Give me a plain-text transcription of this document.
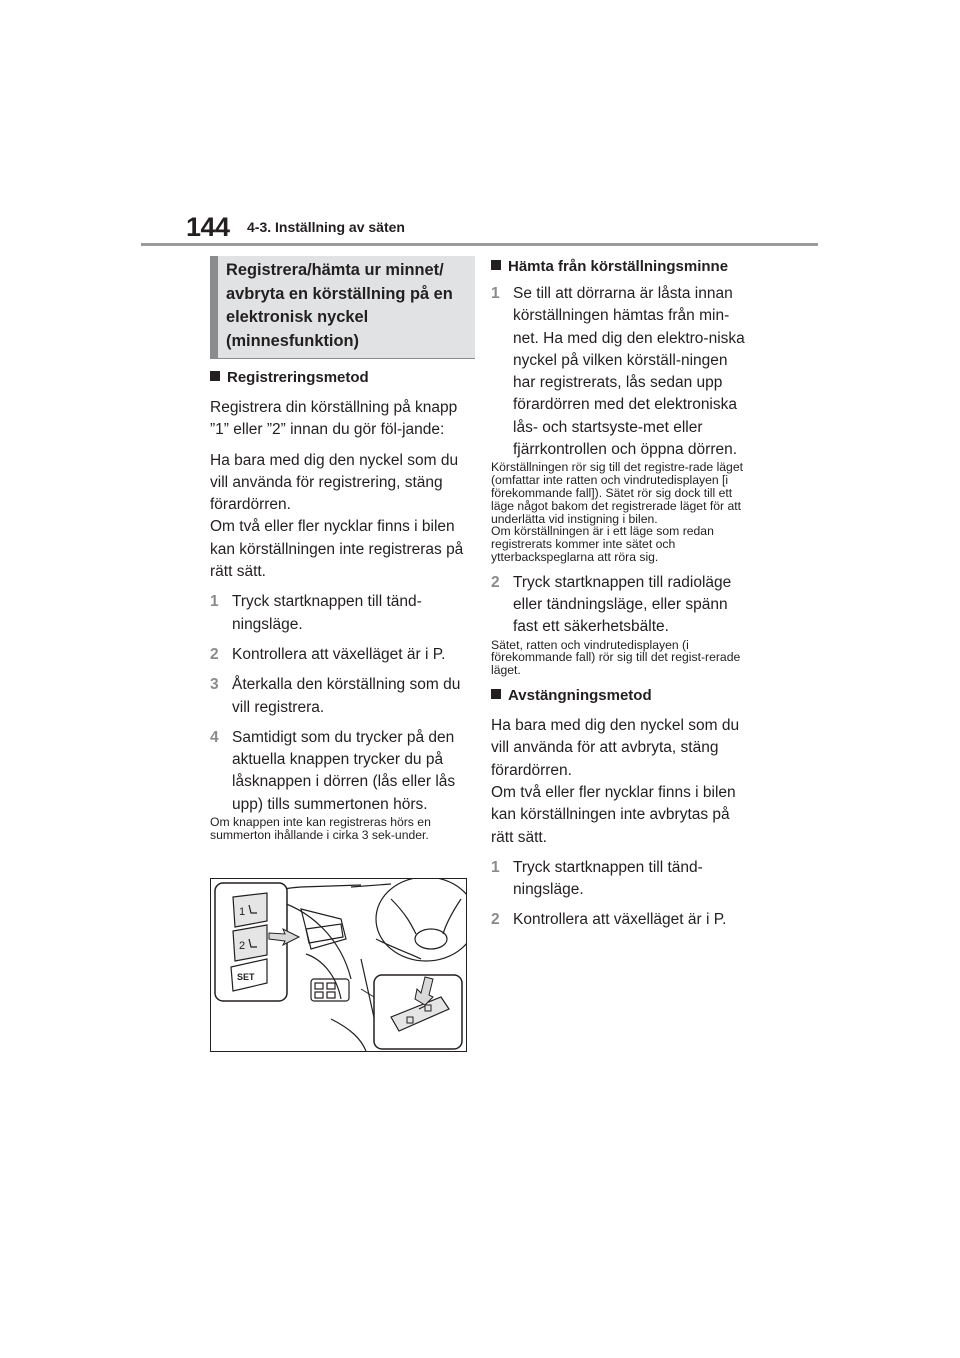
144 4-3. Inställning av säten
Registrera/hämta ur minnet/ avbryta en körställning på en elektronisk nyckel (minnesfunktion)
Registreringsmetod

Registrera din körställning på knapp ”1” eller ”2” innan du gör föl-jande:

Ha bara med dig den nyckel som du vill använda för registrering, stäng förardörren.

Om två eller fler nycklar finns i bilen kan körställningen inte registreras på rätt sätt.

1 Tryck startknappen till tänd-ningsläge.
2 Kontrollera att växelläget är i P.
3 Återkalla den körställning som du vill registrera.
4 Samtidigt som du trycker på den aktuella knappen trycker du på låsknappen i dörren (lås eller lås upp) tills summertonen hörs.

Om knappen inte kan registreras hörs en summerton ihållande i cirka 3 sek-under.

1
2
SET
Hämta från körställningsminne
1 Se till att dörrarna är låsta innan körställningen hämtas från min-net. Ha med dig den elektro-niska nyckel på vilken körställ-ningen har registrerats, lås sedan upp förardörren med det elektroniska lås- och startsyste-met eller fjärrkontrollen och öppna dörren.

Körställningen rör sig till det registre-rade läget (omfattar inte ratten och vindrutedisplayen [i förekommande fall]). Sätet rör sig dock till ett läge något bakom det registrerade läget för att underlätta vid instigning i bilen.

Om körställningen är i ett läge som redan registrerats kommer inte sätet och ytterbackspeglarna att röra sig.

2 Tryck startknappen till radioläge eller tändningsläge, eller spänn fast ett säkerhetsbälte.

Sätet, ratten och vindrutedisplayen (i förekommande fall) rör sig till det regist-rerade läget.

Avstängningsmetod

Ha bara med dig den nyckel som du vill använda för att avbryta, stäng förardörren.

Om två eller fler nycklar finns i bilen kan körställningen inte avbrytas på rätt sätt.

1 Tryck startknappen till tänd-ningsläge.
2 Kontrollera att växelläget är i P.
